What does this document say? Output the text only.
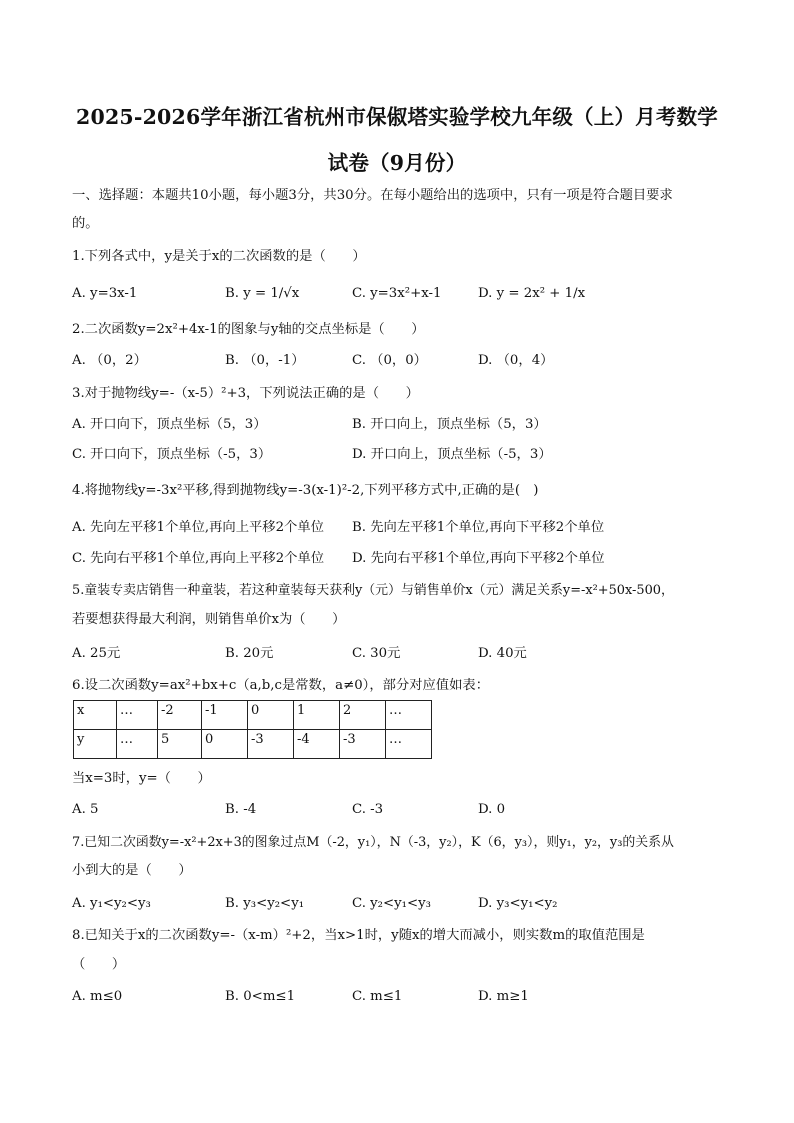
2025-2026学年浙江省杭州市保俶塔实验学校九年级（上）月考数学
试卷（9月份）
一、选择题：本题共10小题，每小题3分，共30分。在每小题给出的选项中，只有一项是符合题目要求
的。
1.下列各式中，y是关于x的二次函数的是（　　）
A. y=3x-1	B. y = 1/√x	C. y=3x²+x-1	D. y = 2x² + 1/x
2.二次函数y=2x²+4x-1的图象与y轴的交点坐标是（　　）
A. （0，2）	B. （0，-1）	C. （0，0）	D. （0，4）
3.对于抛物线y=-（x-5）²+3，下列说法正确的是（　　）
A. 开口向下，顶点坐标（5，3）	B. 开口向上，顶点坐标（5，3）
C. 开口向下，顶点坐标（-5，3）	D. 开口向上，顶点坐标（-5，3）
4.将抛物线y=-3x²平移,得到抛物线y=-3(x-1)²-2,下列平移方式中,正确的是(　)
A. 先向左平移1个单位,再向上平移2个单位 B. 先向左平移1个单位,再向下平移2个单位
C. 先向右平移1个单位,再向上平移2个单位 D. 先向右平移1个单位,再向下平移2个单位
5.童装专卖店销售一种童装，若这种童装每天获利y（元）与销售单价x（元）满足关系y=-x²+50x-500，
若要想获得最大利润，则销售单价x为（　　）
A. 25元	B. 20元	C. 30元	D. 40元
6.设二次函数y=ax²+bx+c（a,b,c是常数，a≠0），部分对应值如表：
x	…	-2	-1	0	1	2	…
y	…	5	0	-3	-4	-3	…
当x=3时，y=（　　）
A. 5	B. -4	C. -3	D. 0
7.已知二次函数y=-x²+2x+3的图象过点M（-2，y₁），N（-3，y₂），K（6，y₃），则y₁，y₂，y₃的关系从
小到大的是（　　）
A. y₁<y₂<y₃	B. y₃<y₂<y₁	C. y₂<y₁<y₃	D. y₃<y₁<y₂
8.已知关于x的二次函数y=-（x-m）²+2，当x>1时，y随x的增大而减小，则实数m的取值范围是
（　　）
A. m≤0	B. 0<m≤1	C. m≤1	D. m≥1
